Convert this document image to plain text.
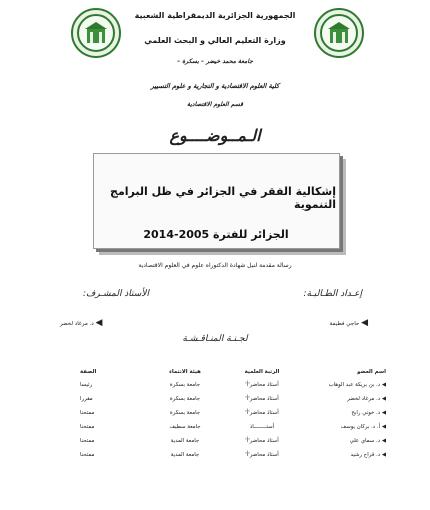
الجمهورية الجزائرية الديمقراطية الشعبية
وزارة التعليم العالي و البحث العلمي
جامعة محمد خيضر – بسكرة –
كلية العلوم الاقتصادية و التجارية و علوم التسيير
قسم العلوم الاقتصادية
الـمــوضــــوع
إشكالية الفقر في الجزائر في ظل البرامج التنموية
الجزائر للفترة 2005-2014
رسالة مقدمة لنيل شهادة الدكتوراه علوم في العلوم الاقتصادية
إعـداد الطـالبـة:
الأستاذ المشـرف:
◀ حاجي فطيمة
◀ د. مرغاد لخضر
لجـنـة المنـاقـشـة
اسم العضو	الرتبة العلمية	هيئة الانتماء	الصفة
◀ د. بن بريكة عبد الوهاب	أستاذ محاضر'أ'	جامعة بسكرة	رئيسا
◀ د. مرغاد لخضر	أستاذ محاضر'أ'	جامعة بسكرة	مقررا
◀ د. خوني رابح	أستاذ محاضر'أ'	جامعة بسكرة	ممتحنا
◀ أ. د. بركان يوسف	أستــــــــاذ	جامعة سطيف	ممتحنا
◀ د. سماي علي	أستاذ محاضر'أ'	جامعة المدية	ممتحنا
◀ د. قراح رشيد	أستاذ محاضر'أ'	جامعة المدية	ممتحنا
